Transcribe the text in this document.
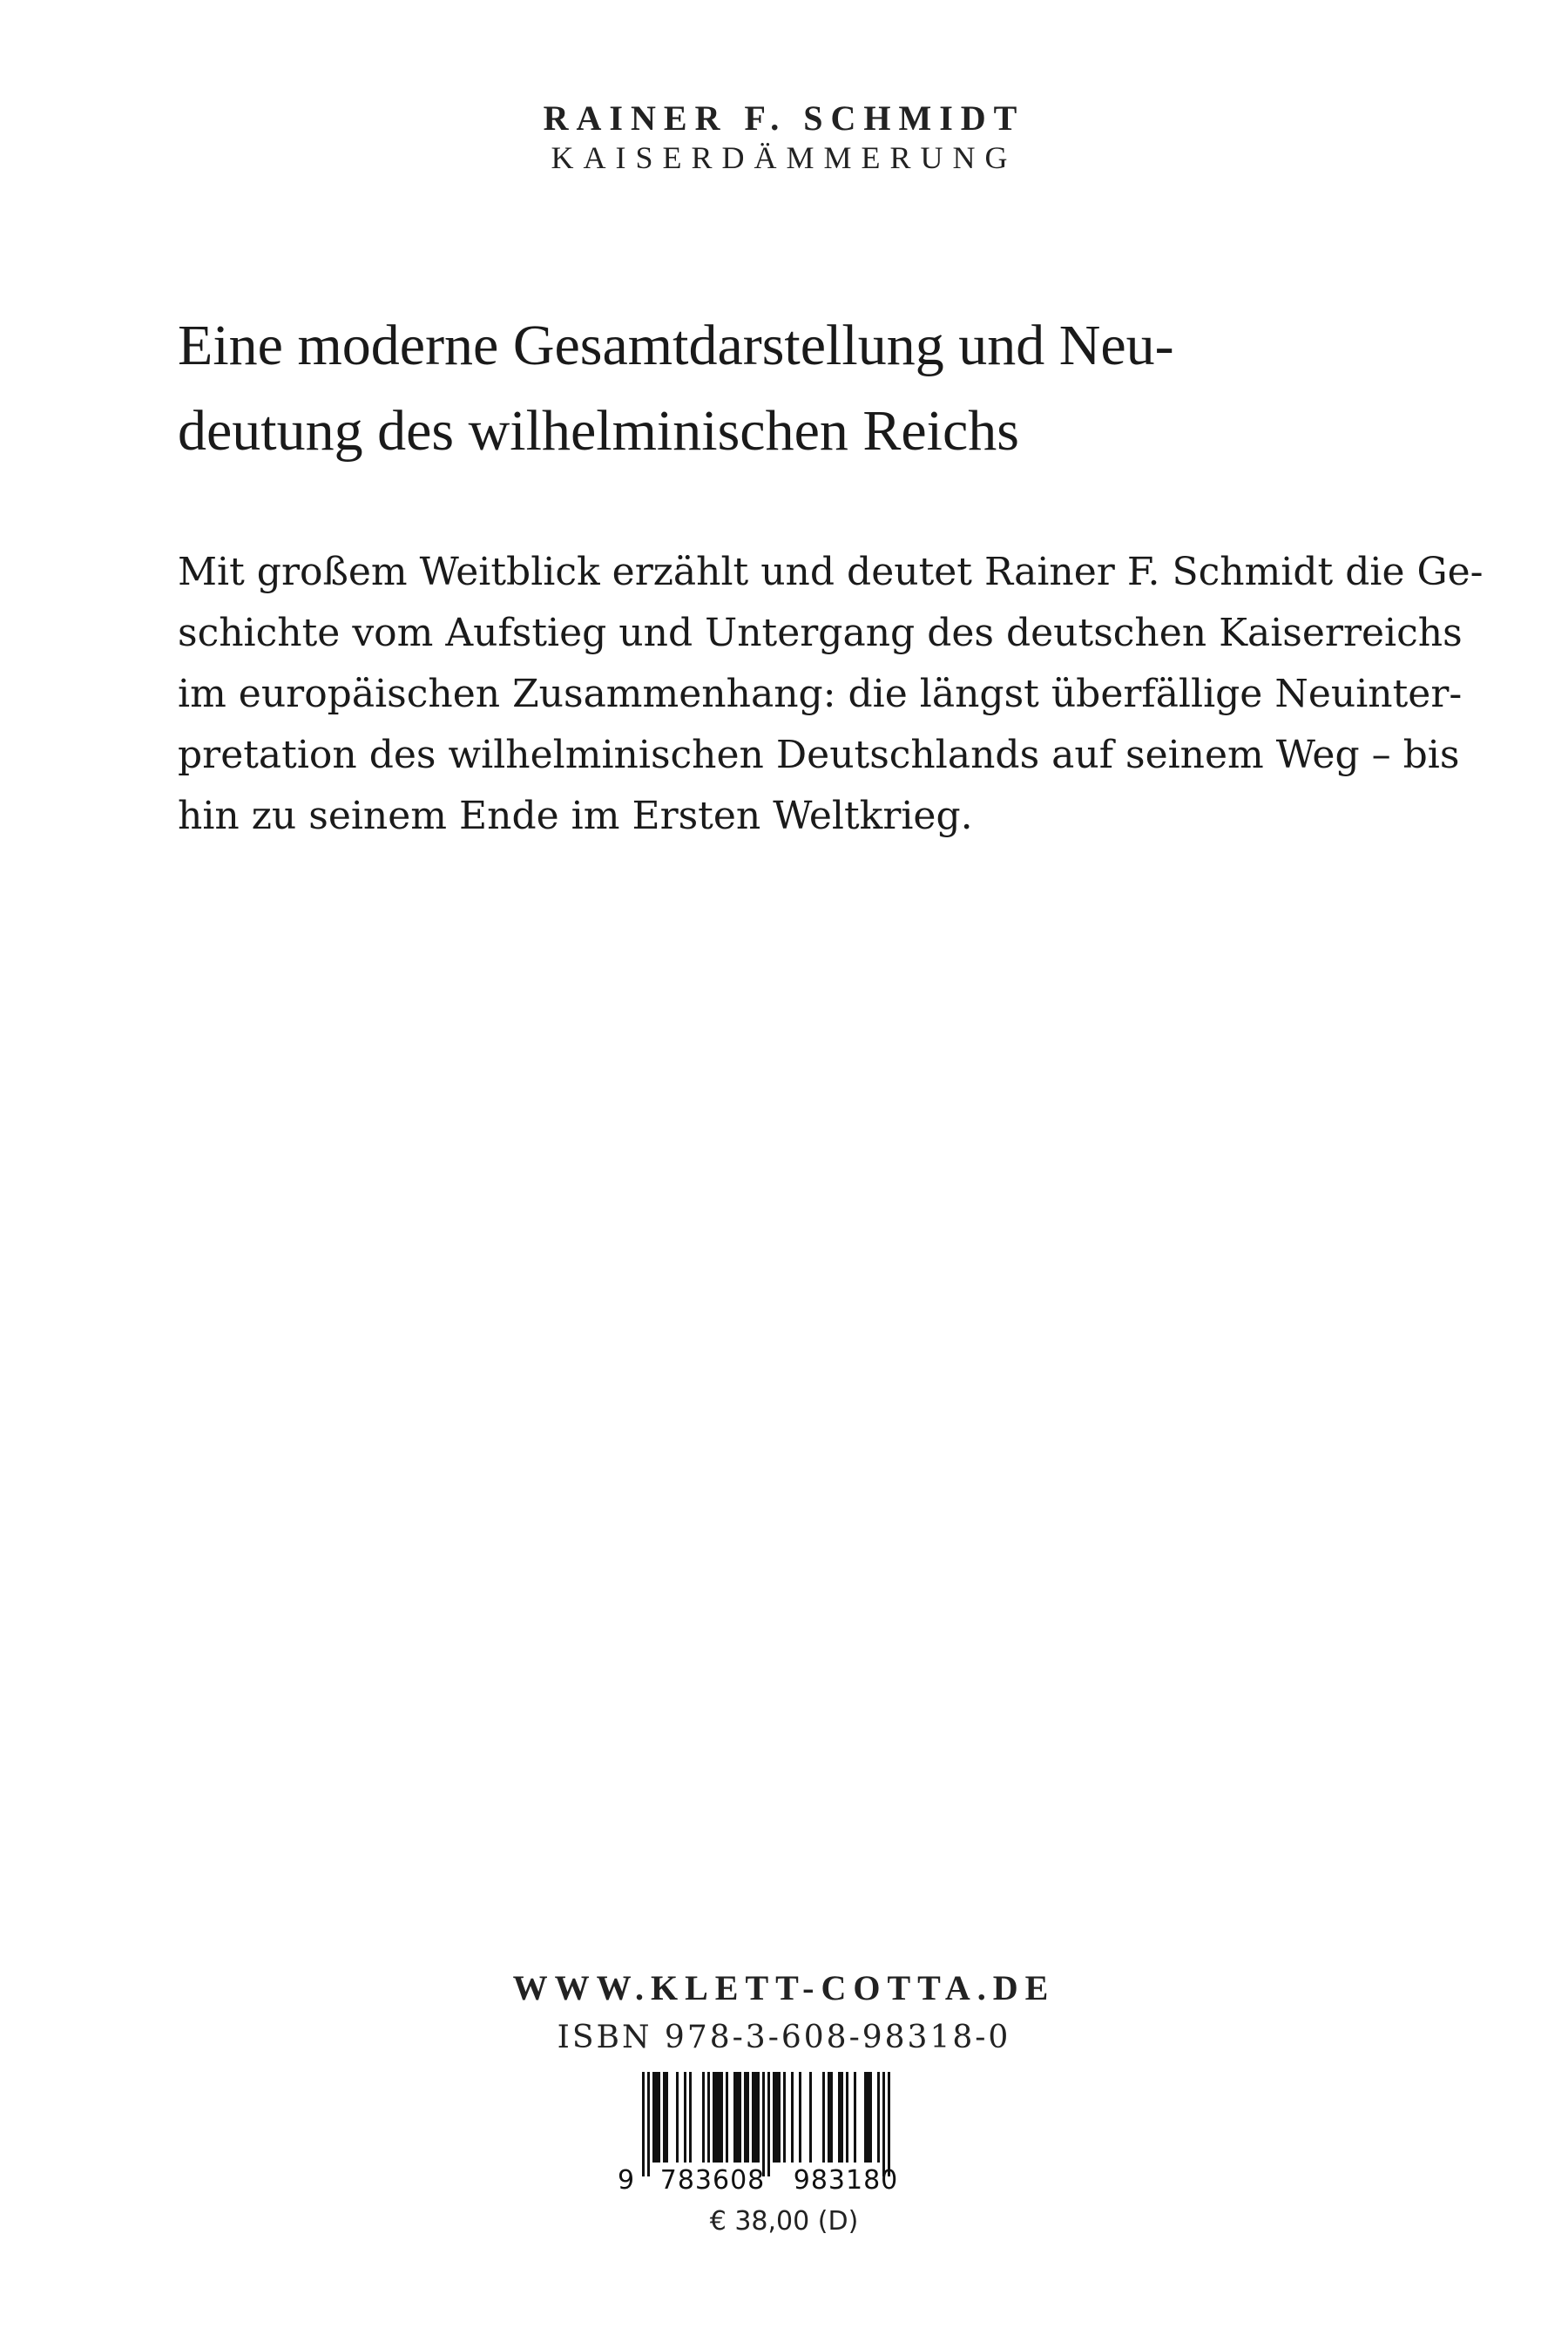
RAINER F. SCHMIDT
KAISERDÄMMERUNG
Eine moderne Gesamtdarstellung und Neu-
deutung des wilhelminischen Reichs
Mit großem Weitblick erzählt und deutet Rainer F. Schmidt die Ge-
schichte vom Aufstieg und Untergang des deutschen Kaiserreichs
im europäischen Zusammenhang: die längst überfällige Neuinter-
pretation des wilhelminischen Deutschlands auf seinem Weg – bis
hin zu seinem Ende im Ersten Weltkrieg.
WWW.KLETT-COTTA.DE
ISBN 978-3-608-98318-0
9 783608 983180
€ 38,00 (D)
